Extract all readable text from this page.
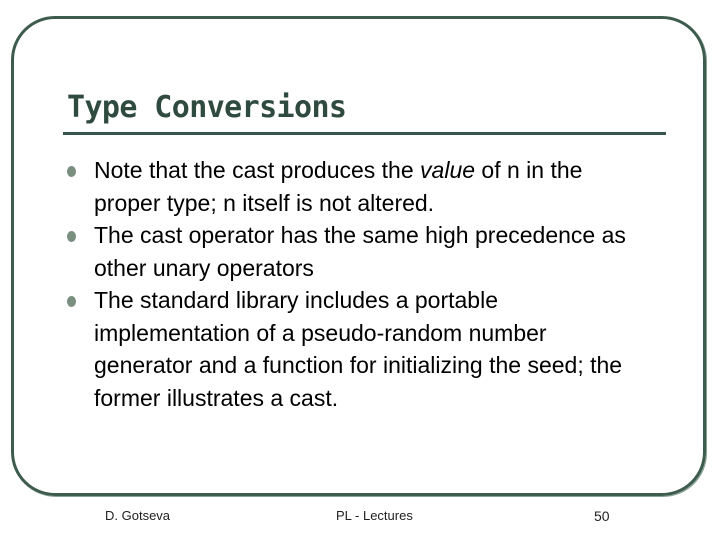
Type Conversions
Note that the cast produces the value of n in the proper type; n itself is not altered.
The cast operator has the same high precedence as other unary operators
The standard library includes a portable implementation of a pseudo-random number generator and a function for initializing the seed; the former illustrates a cast.
D. Gotseva	PL - Lectures	50
